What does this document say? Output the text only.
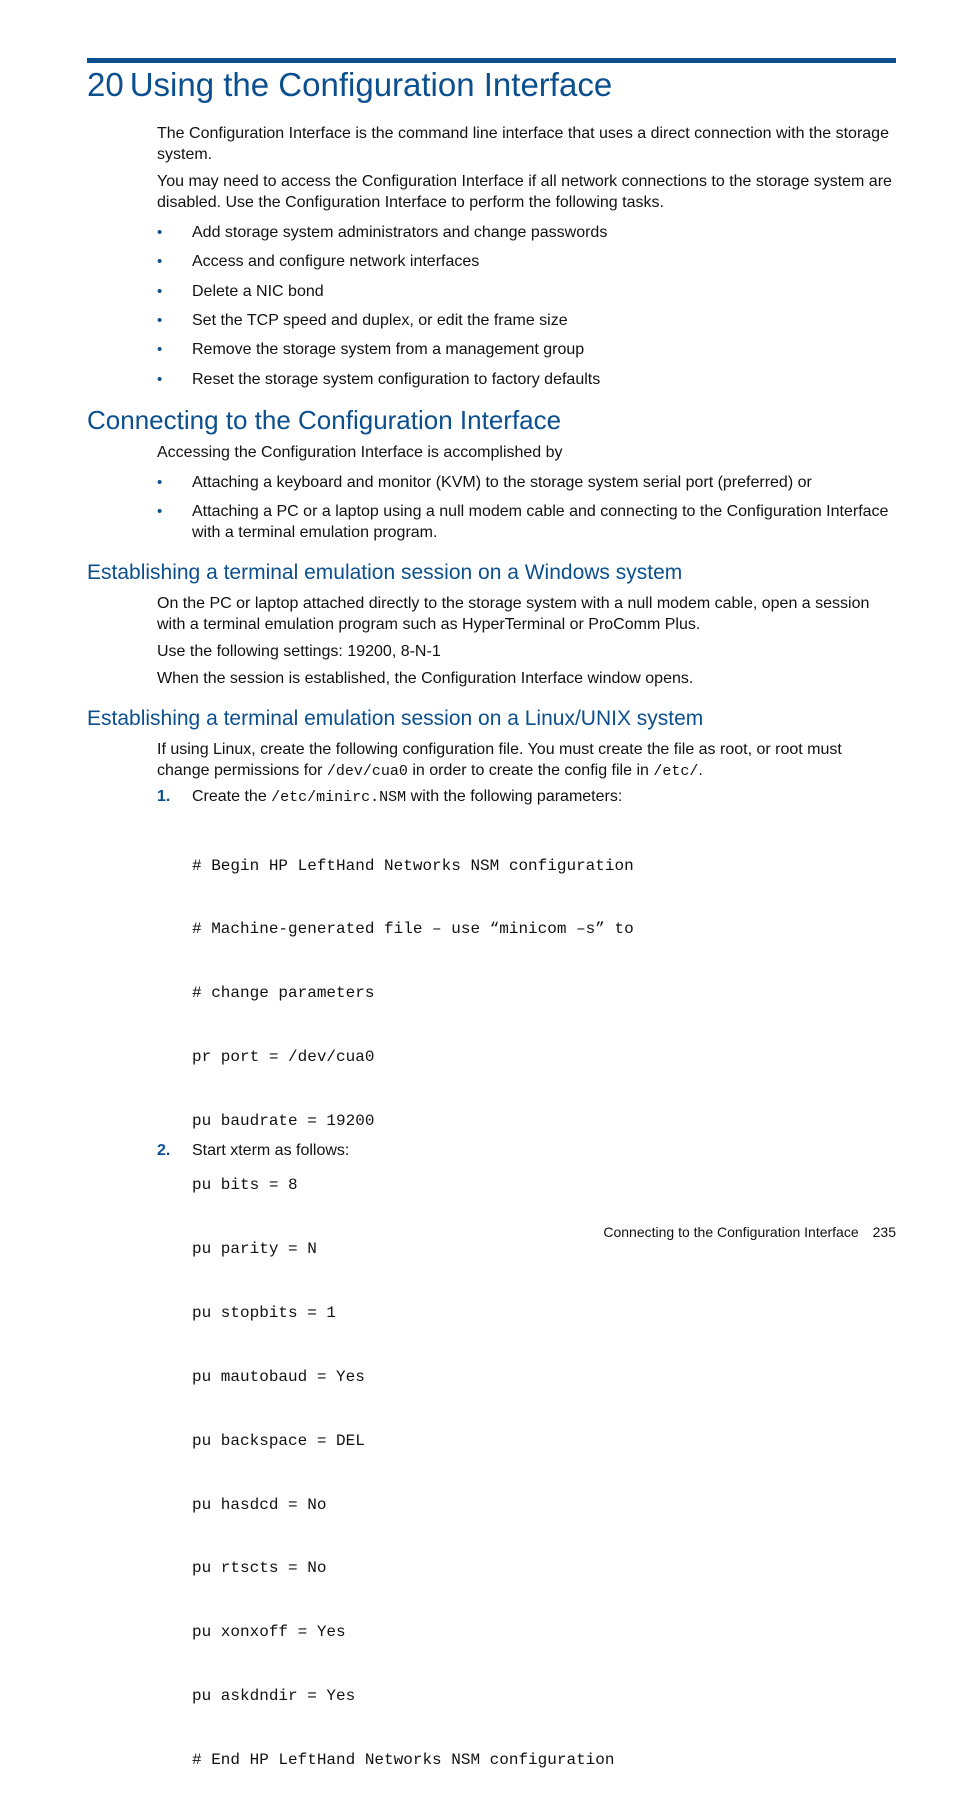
20 Using the Configuration Interface

The Configuration Interface is the command line interface that uses a direct connection with the storage system.

You may need to access the Configuration Interface if all network connections to the storage system are disabled. Use the Configuration Interface to perform the following tasks.

•	Add storage system administrators and change passwords
•	Access and configure network interfaces
•	Delete a NIC bond
•	Set the TCP speed and duplex, or edit the frame size
•	Remove the storage system from a management group
•	Reset the storage system configuration to factory defaults
Connecting to the Configuration Interface

Accessing the Configuration Interface is accomplished by

•	Attaching a keyboard and monitor (KVM) to the storage system serial port (preferred) or
•	Attaching a PC or a laptop using a null modem cable and connecting to the Configuration Interface with a terminal emulation program.
Establishing a terminal emulation session on a Windows system

On the PC or laptop attached directly to the storage system with a null modem cable, open a session with a terminal emulation program such as HyperTerminal or ProComm Plus.

Use the following settings: 19200, 8-N-1

When the session is established, the Configuration Interface window opens.

Establishing a terminal emulation session on a Linux/UNIX system

If using Linux, create the following configuration file. You must create the file as root, or root must change permissions for /dev/cua0 in order to create the config file in /etc/.

1. Create the /etc/minirc.NSM with the following parameters:

# Begin HP LeftHand Networks NSM configuration

# Machine-generated file – use “minicom –s” to

# change parameters

pr port = /dev/cua0

pu baudrate = 19200

pu bits = 8

pu parity = N

pu stopbits = 1

pu mautobaud = Yes

pu backspace = DEL

pu hasdcd = No

pu rtscts = No

pu xonxoff = Yes

pu askdndir = Yes

# End HP LeftHand Networks NSM configuration

2. Start xterm as follows:
Connecting to the Configuration Interface 235
